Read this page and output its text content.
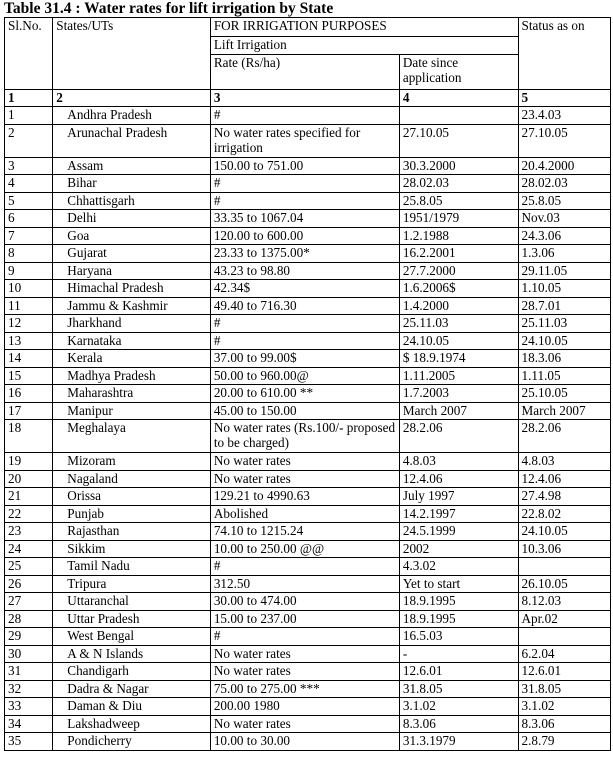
Table 31.4 : Water rates for lift irrigation by State
Sl.No.	States/UTs	FOR IRRIGATION PURPOSES		Status as on
		Lift Irrigation		
		Rate (Rs/ha)	Date since application	
1	2	3	4	5
1	Andhra Pradesh	#		23.4.03
2	Arunachal Pradesh	No water rates specified for irrigation	27.10.05	27.10.05
3	Assam	150.00 to 751.00	30.3.2000	20.4.2000
4	Bihar	#	28.02.03	28.02.03
5	Chhattisgarh	#	25.8.05	25.8.05
6	Delhi	33.35 to 1067.04	1951/1979	Nov.03
7	Goa	120.00 to 600.00	1.2.1988	24.3.06
8	Gujarat	23.33 to 1375.00*	16.2.2001	1.3.06
9	Haryana	43.23 to 98.80	27.7.2000	29.11.05
10	Himachal Pradesh	42.34$	1.6.2006$	1.10.05
11	Jammu & Kashmir	49.40 to 716.30	1.4.2000	28.7.01
12	Jharkhand	#	25.11.03	25.11.03
13	Karnataka	#	24.10.05	24.10.05
14	Kerala	37.00 to 99.00$	$ 18.9.1974	18.3.06
15	Madhya Pradesh	50.00 to 960.00@	1.11.2005	1.11.05
16	Maharashtra	20.00 to 610.00 **	1.7.2003	25.10.05
17	Manipur	45.00 to 150.00	March 2007	March 2007
18	Meghalaya	No water rates (Rs.100/- proposed to be charged)	28.2.06	28.2.06
19	Mizoram	No water rates	4.8.03	4.8.03
20	Nagaland	No water rates	12.4.06	12.4.06
21	Orissa	129.21 to 4990.63	July 1997	27.4.98
22	Punjab	Abolished	14.2.1997	22.8.02
23	Rajasthan	74.10 to 1215.24	24.5.1999	24.10.05
24	Sikkim	10.00 to 250.00 @@	2002	10.3.06
25	Tamil Nadu	#	4.3.02	
26	Tripura	312.50	Yet to start	26.10.05
27	Uttaranchal	30.00 to 474.00	18.9.1995	8.12.03
28	Uttar Pradesh	15.00 to 237.00	18.9.1995	Apr.02
29	West Bengal	#	16.5.03	
30	A & N Islands	No water rates	-	6.2.04
31	Chandigarh	No water rates	12.6.01	12.6.01
32	Dadra & Nagar	75.00 to 275.00 ***	31.8.05	31.8.05
33	Daman & Diu	200.00 1980	3.1.02	3.1.02
34	Lakshadweep	No water rates	8.3.06	8.3.06
35	Pondicherry	10.00 to 30.00	31.3.1979	2.8.79
